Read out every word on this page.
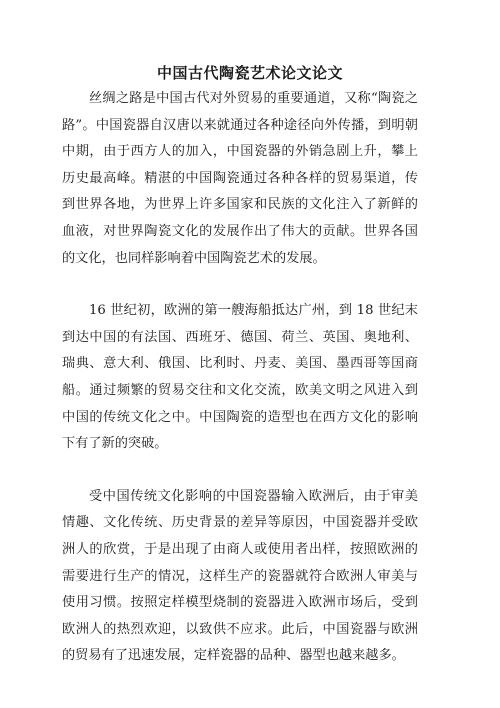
中国古代陶瓷艺术论文论文

丝绸之路是中国古代对外贸易的重要通道，又称“陶瓷之路”。中国瓷器自汉唐以来就通过各种途径向外传播，到明朝中期，由于西方人的加入，中国瓷器的外销急剧上升，攀上历史最高峰。精湛的中国陶瓷通过各种各样的贸易渠道，传到世界各地，为世界上许多国家和民族的文化注入了新鲜的血液，对世界陶瓷文化的发展作出了伟大的贡献。世界各国的文化，也同样影响着中国陶瓷艺术的发展。

16 世纪初，欧洲的第一艘海船抵达广州，到 18 世纪末到达中国的有法国、西班牙、德国、荷兰、英国、奥地利、瑞典、意大利、俄国、比利时、丹麦、美国、墨西哥等国商船。通过频繁的贸易交往和文化交流，欧美文明之风进入到中国的传统文化之中。中国陶瓷的造型也在西方文化的影响下有了新的突破。

受中国传统文化影响的中国瓷器输入欧洲后，由于审美情趣、文化传统、历史背景的差异等原因，中国瓷器并受欧洲人的欣赏，于是出现了由商人或使用者出样，按照欧洲的需要进行生产的情况，这样生产的瓷器就符合欧洲人审美与使用习惯。按照定样模型烧制的瓷器进入欧洲市场后，受到欧洲人的热烈欢迎，以致供不应求。此后，中国瓷器与欧洲的贸易有了迅速发展，定样瓷器的品种、器型也越来越多。
